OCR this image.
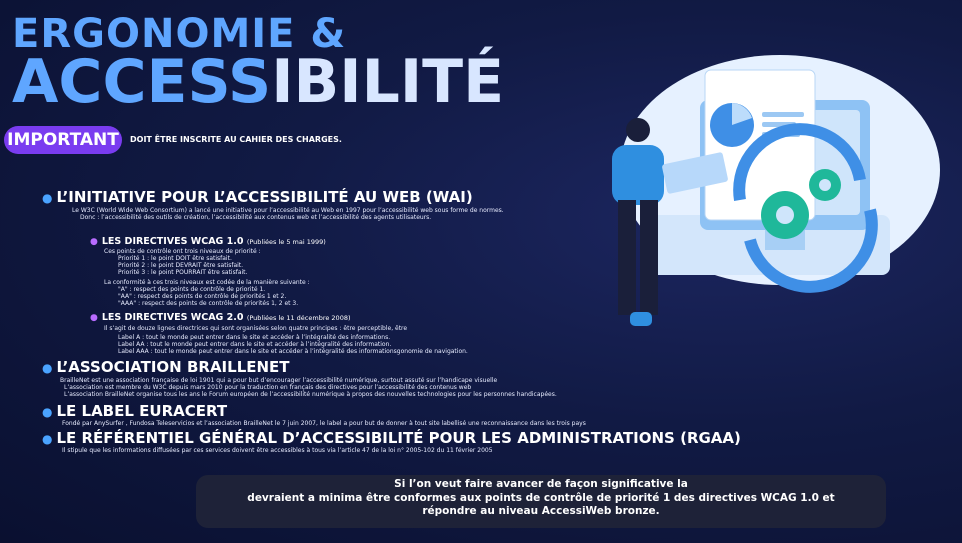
ERGONOMIE &
ACCESSIBILITÉ
IMPORTANT	DOIT ÊTRE INSCRITE AU CAHIER DES CHARGES.
● L’INITIATIVE POUR L’ACCESSIBILITÉ AU WEB (WAI)
Le W3C (World Wide Web Consortium) a lancé une initiative pour l’accessibilité au Web en 1997 pour l’accessibilité web sous forme de normes.
Donc : l’accessibilité des outils de création, l’accessibilité aux contenus web et l’accessibilité des agents utilisateurs.
● LES DIRECTIVES WCAG 1.0 (Publiées le 5 mai 1999)
Ces points de contrôle ont trois niveaux de priorité :
Priorité 1 : le point DOIT être satisfait.
Priorité 2 : le point DEVRAIT être satisfait.
Priorité 3 : le point POURRAIT être satisfait.
La conformité à ces trois niveaux est codée de la manière suivante :
"A" : respect des points de contrôle de priorité 1.
"AA" : respect des points de contrôle de priorités 1 et 2.
"AAA" : respect des points de contrôle de priorités 1, 2 et 3.
● LES DIRECTIVES WCAG 2.0 (Publiées le 11 décembre 2008)
Il s’agit de douze lignes directrices qui sont organisées selon quatre principes : être perceptible, être
Label A : tout le monde peut entrer dans le site et accéder à l’intégralité des informations.
Label AA : tout le monde peut entrer dans le site et accéder à l’intégralité des information.
Label AAA : tout le monde peut entrer dans le site et accéder à l’intégralité des informationsgonomie de navigation.
● L’ASSOCIATION BRAILLENET
BrailleNet est une association française de loi 1901 qui a pour but d’encourager l’accessibilité numérique, surtout assuté sur l’handicape visuelle
L’association est membre du W3C depuis mars 2010 pour la traduction en français des directives pour l’accessibilité des contenus web
L’association BrailleNet organise tous les ans le Forum européen de l’accessibilité numérique à propos des nouvelles technologies pour les personnes handicapées.
● LE LABEL EURACERT
Fondé par AnySurfer , Fundosa Teleservicios et l’association BrailleNet le 7 juin 2007, le label a pour but de donner à tout site labellisé une reconnaissance dans les trois pays
● LE RÉFÉRENTIEL GÉNÉRAL D’ACCESSIBILITÉ POUR LES ADMINISTRATIONS (RGAA)
Il stipule que les informations diffusées par ces services doivent être accessibles à tous via l’article 47 de la loi n° 2005-102 du 11 février 2005
Si l’on veut faire avancer de façon significative la
devraient a minima être conformes aux points de contrôle de priorité 1 des directives WCAG 1.0 et
répondre au niveau AccessiWeb bronze.
